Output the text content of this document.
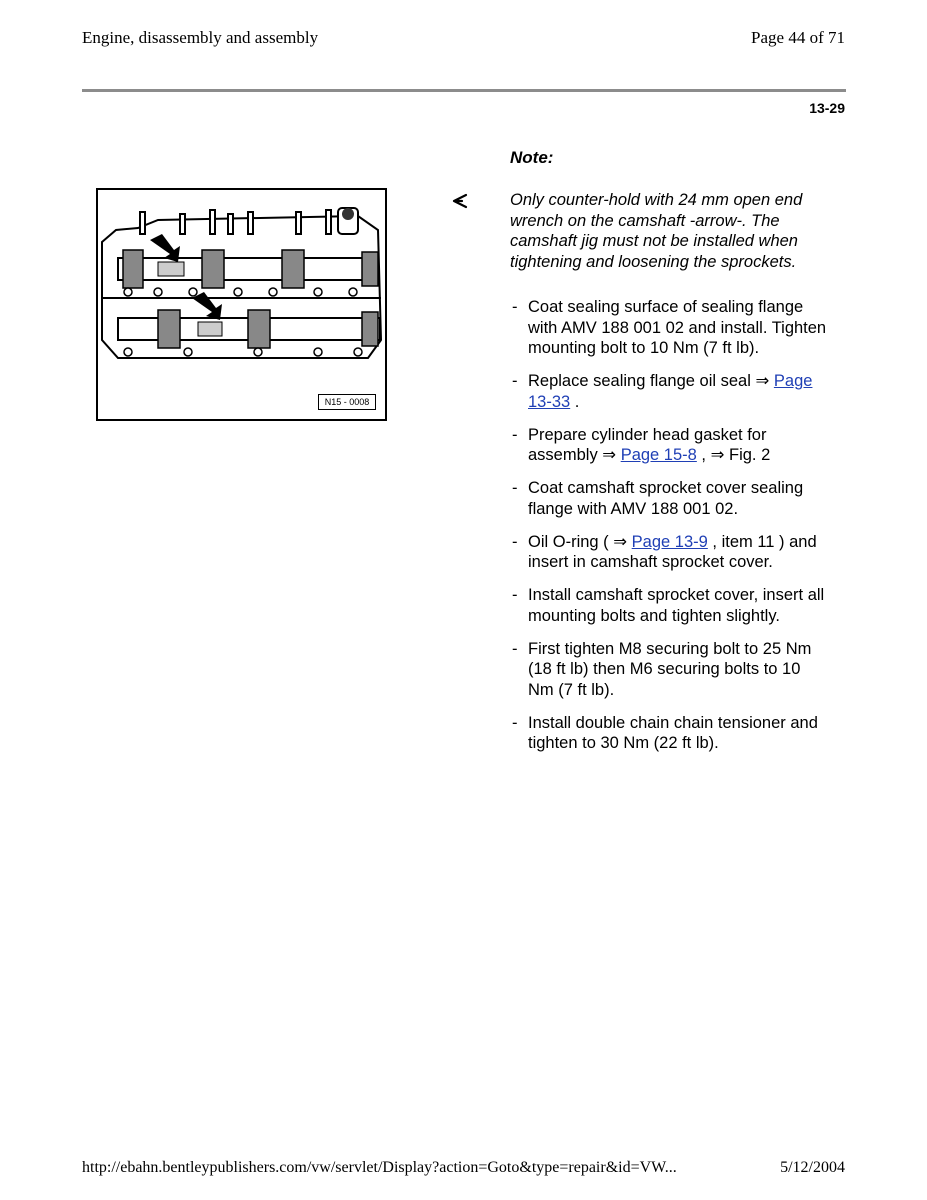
Engine, disassembly and assembly	Page 44 of 71
13-29
Note:
N15 - 0008

Only counter-hold with 24 mm open end wrench on the camshaft -arrow-. The camshaft jig must not be installed when tightening and loosening the sprockets.

- Coat sealing surface of sealing flange with AMV 188 001 02 and install. Tighten mounting bolt to 10 Nm (7 ft lb).
- Replace sealing flange oil seal ⇒ Page 13-33 .
- Prepare cylinder head gasket for assembly ⇒ Page 15-8 , ⇒ Fig. 2
- Coat camshaft sprocket cover sealing flange with AMV 188 001 02.
- Oil O-ring ( ⇒ Page 13-9 , item 11 ) and insert in camshaft sprocket cover.
- Install camshaft sprocket cover, insert all mounting bolts and tighten slightly.
- First tighten M8 securing bolt to 25 Nm (18 ft lb) then M6 securing bolts to 10 Nm (7 ft lb).
- Install double chain chain tensioner and tighten to 30 Nm (22 ft lb).
http://ebahn.bentleypublishers.com/vw/servlet/Display?action=Goto&type=repair&id=VW...	5/12/2004
